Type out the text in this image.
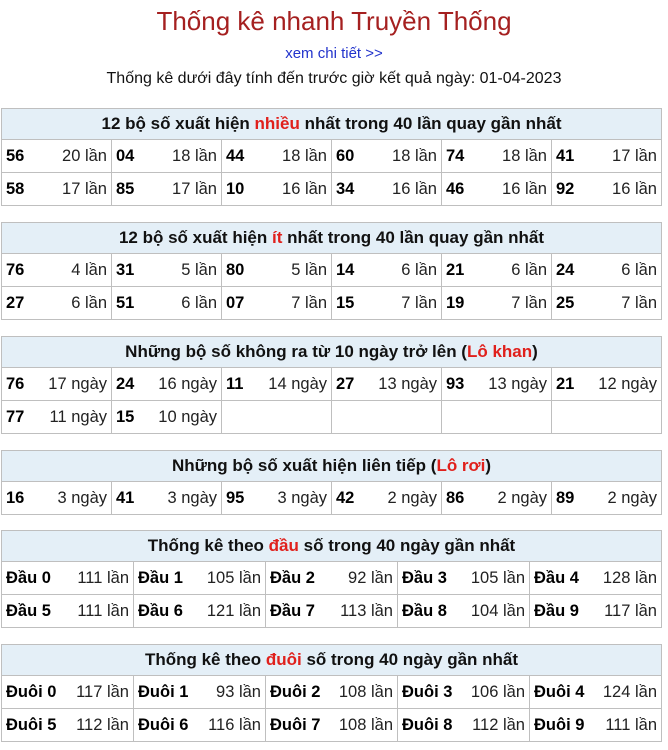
Thống kê nhanh Truyền Thống
xem chi tiết >>
Thống kê dưới đây tính đến trước giờ kết quả ngày: 01-04-2023
12 bộ số xuất hiện nhiều nhất trong 40 lần quay gần nhất					

56 20 lần	04 18 lần	44 18 lần	60 18 lần	74 18 lần	41 17 lần

58 17 lần	85 17 lần	10 16 lần	34 16 lần	46 16 lần	92 16 lần
12 bộ số xuất hiện ít nhất trong 40 lần quay gần nhất					

76 4 lần	31 5 lần	80 5 lần	14 6 lần	21 6 lần	24 6 lần

27 6 lần	51 6 lần	07 7 lần	15 7 lần	19 7 lần	25 7 lần
Những bộ số không ra từ 10 ngày trở lên (Lô khan)					

76 17 ngày	24 16 ngày	11 14 ngày	27 13 ngày	93 13 ngày	21 12 ngày

77 11 ngày	15 10 ngày				

Những bộ số xuất hiện liên tiếp (Lô rơi)

16 3 ngày	41 3 ngày	95 3 ngày	42 2 ngày	86 2 ngày	89 2 ngày
Thống kê theo đầu số trong 40 ngày gần nhất				

Đầu 0 111 lần	Đầu 1 105 lần	Đầu 2 92 lần	Đầu 3 105 lần	Đầu 4 128 lần

Đầu 5 111 lần	Đầu 6 121 lần	Đầu 7 113 lần	Đầu 8 104 lần	Đầu 9 117 lần
Thống kê theo đuôi số trong 40 ngày gần nhất				

Đuôi 0 117 lần	Đuôi 1 93 lần	Đuôi 2 108 lần	Đuôi 3 106 lần	Đuôi 4 124 lần

Đuôi 5 112 lần	Đuôi 6 116 lần	Đuôi 7 108 lần	Đuôi 8 112 lần	Đuôi 9 111 lần
